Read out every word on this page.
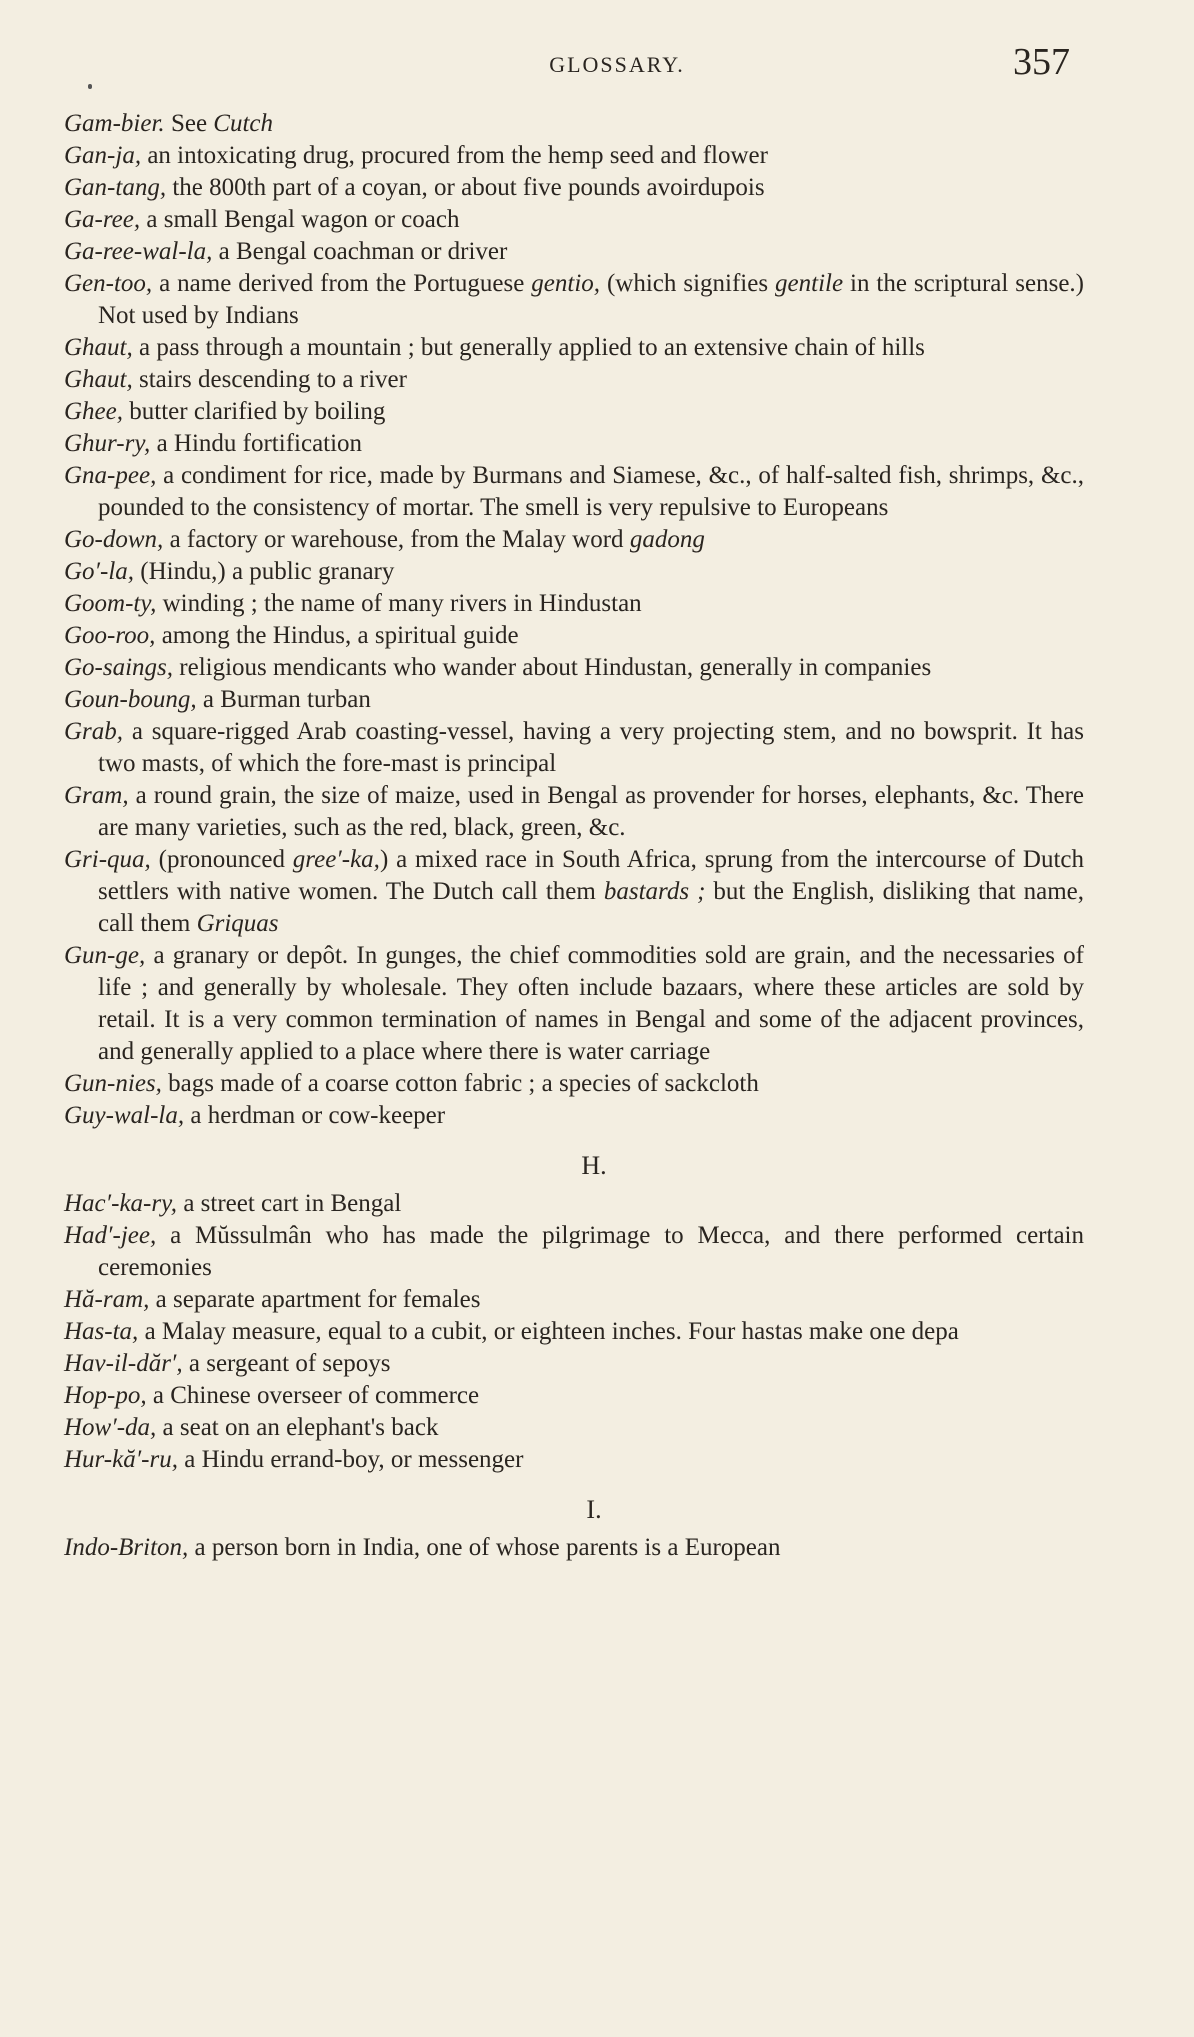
GLOSSARY.	357

Gam-bier. See Cutch

Gan-ja, an intoxicating drug, procured from the hemp seed and flower

Gan-tang, the 800th part of a coyan, or about five pounds avoirdupois

Ga-ree, a small Bengal wagon or coach

Ga-ree-wal-la, a Bengal coachman or driver

Gen-too, a name derived from the Portuguese gentio, (which signifies gentile in the scriptural sense.) Not used by Indians

Ghaut, a pass through a mountain ; but generally applied to an extensive chain of hills

Ghaut, stairs descending to a river

Ghee, butter clarified by boiling

Ghur-ry, a Hindu fortification

Gna-pee, a condiment for rice, made by Burmans and Siamese, &c., of half-salted fish, shrimps, &c., pounded to the consistency of mortar. The smell is very repulsive to Europeans

Go-down, a factory or warehouse, from the Malay word gadong

Go′-la, (Hindu,) a public granary

Goom-ty, winding ; the name of many rivers in Hindustan

Goo-roo, among the Hindus, a spiritual guide

Go-saings, religious mendicants who wander about Hindustan, generally in companies

Goun-boung, a Burman turban

Grab, a square-rigged Arab coasting-vessel, having a very projecting stem, and no bowsprit. It has two masts, of which the fore-mast is principal

Gram, a round grain, the size of maize, used in Bengal as provender for horses, elephants, &c. There are many varieties, such as the red, black, green, &c.

Gri-qua, (pronounced gree′-ka,) a mixed race in South Africa, sprung from the intercourse of Dutch settlers with native women. The Dutch call them bastards ; but the English, disliking that name, call them Griquas

Gun-ge, a granary or depôt. In gunges, the chief commodities sold are grain, and the necessaries of life ; and generally by wholesale. They often include bazaars, where these articles are sold by retail. It is a very common termination of names in Bengal and some of the adjacent provinces, and generally applied to a place where there is water carriage

Gun-nies, bags made of a coarse cotton fabric ; a species of sackcloth

Guy-wal-la, a herdman or cow-keeper

H.

Hac′-ka-ry, a street cart in Bengal

Had′-jee, a Mŭssulmân who has made the pilgrimage to Mecca, and there performed certain ceremonies

Hă-ram, a separate apartment for females

Has-ta, a Malay measure, equal to a cubit, or eighteen inches. Four hastas make one depa

Hav-il-dăr′, a sergeant of sepoys

Hop-po, a Chinese overseer of commerce

How′-da, a seat on an elephant's back

Hur-kă′-ru, a Hindu errand-boy, or messenger

I.

Indo-Briton, a person born in India, one of whose parents is a European
